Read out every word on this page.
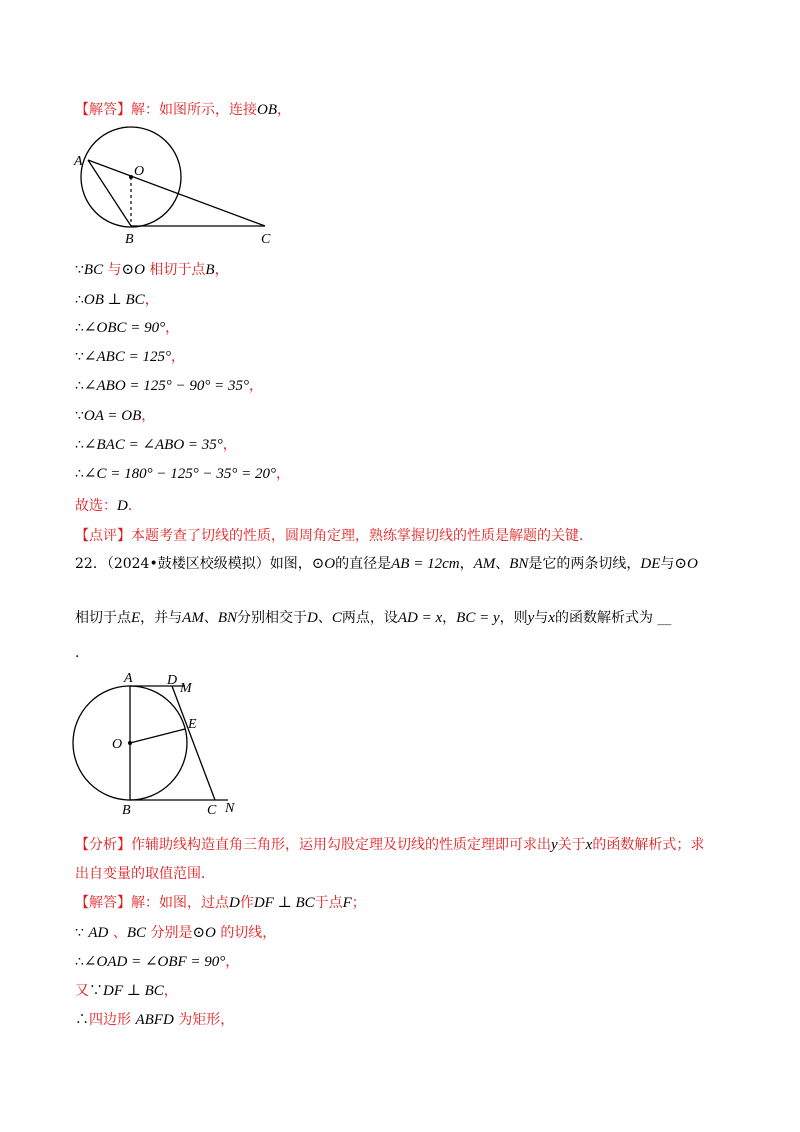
【解答】解：如图所示，连接OB，
A
O
B	C
∵BC 与⊙O 相切于点B，
∴OB ⊥ BC，
∴∠OBC = 90°，
∵∠ABC = 125°，
∴∠ABO = 125° − 90° = 35°，
∵OA = OB，
∴∠BAC = ∠ABO = 35°，
∴∠C = 180° − 125° − 35° = 20°，
故选：D．
【点评】本题考查了切线的性质，圆周角定理，熟练掌握切线的性质是解题的关键．
22．（2024•鼓楼区校级模拟）如图，⊙O的直径是AB = 12cm，AM、BN是它的两条切线，DE与⊙O
相切于点E，并与AM、BN分别相交于D、C两点，设AD = x，BC = y，则y与x的函数解析式为 __
.
A D
M
E
O
B	C N
【分析】作辅助线构造直角三角形，运用勾股定理及切线的性质定理即可求出y关于x的函数解析式；求
出自变量的取值范围．
【解答】解：如图，过点D作DF ⊥ BC于点F；
∵ AD 、BC 分别是⊙O 的切线，
∴∠OAD = ∠OBF = 90°，
又∵DF ⊥ BC，
∴四边形 ABFD 为矩形，
